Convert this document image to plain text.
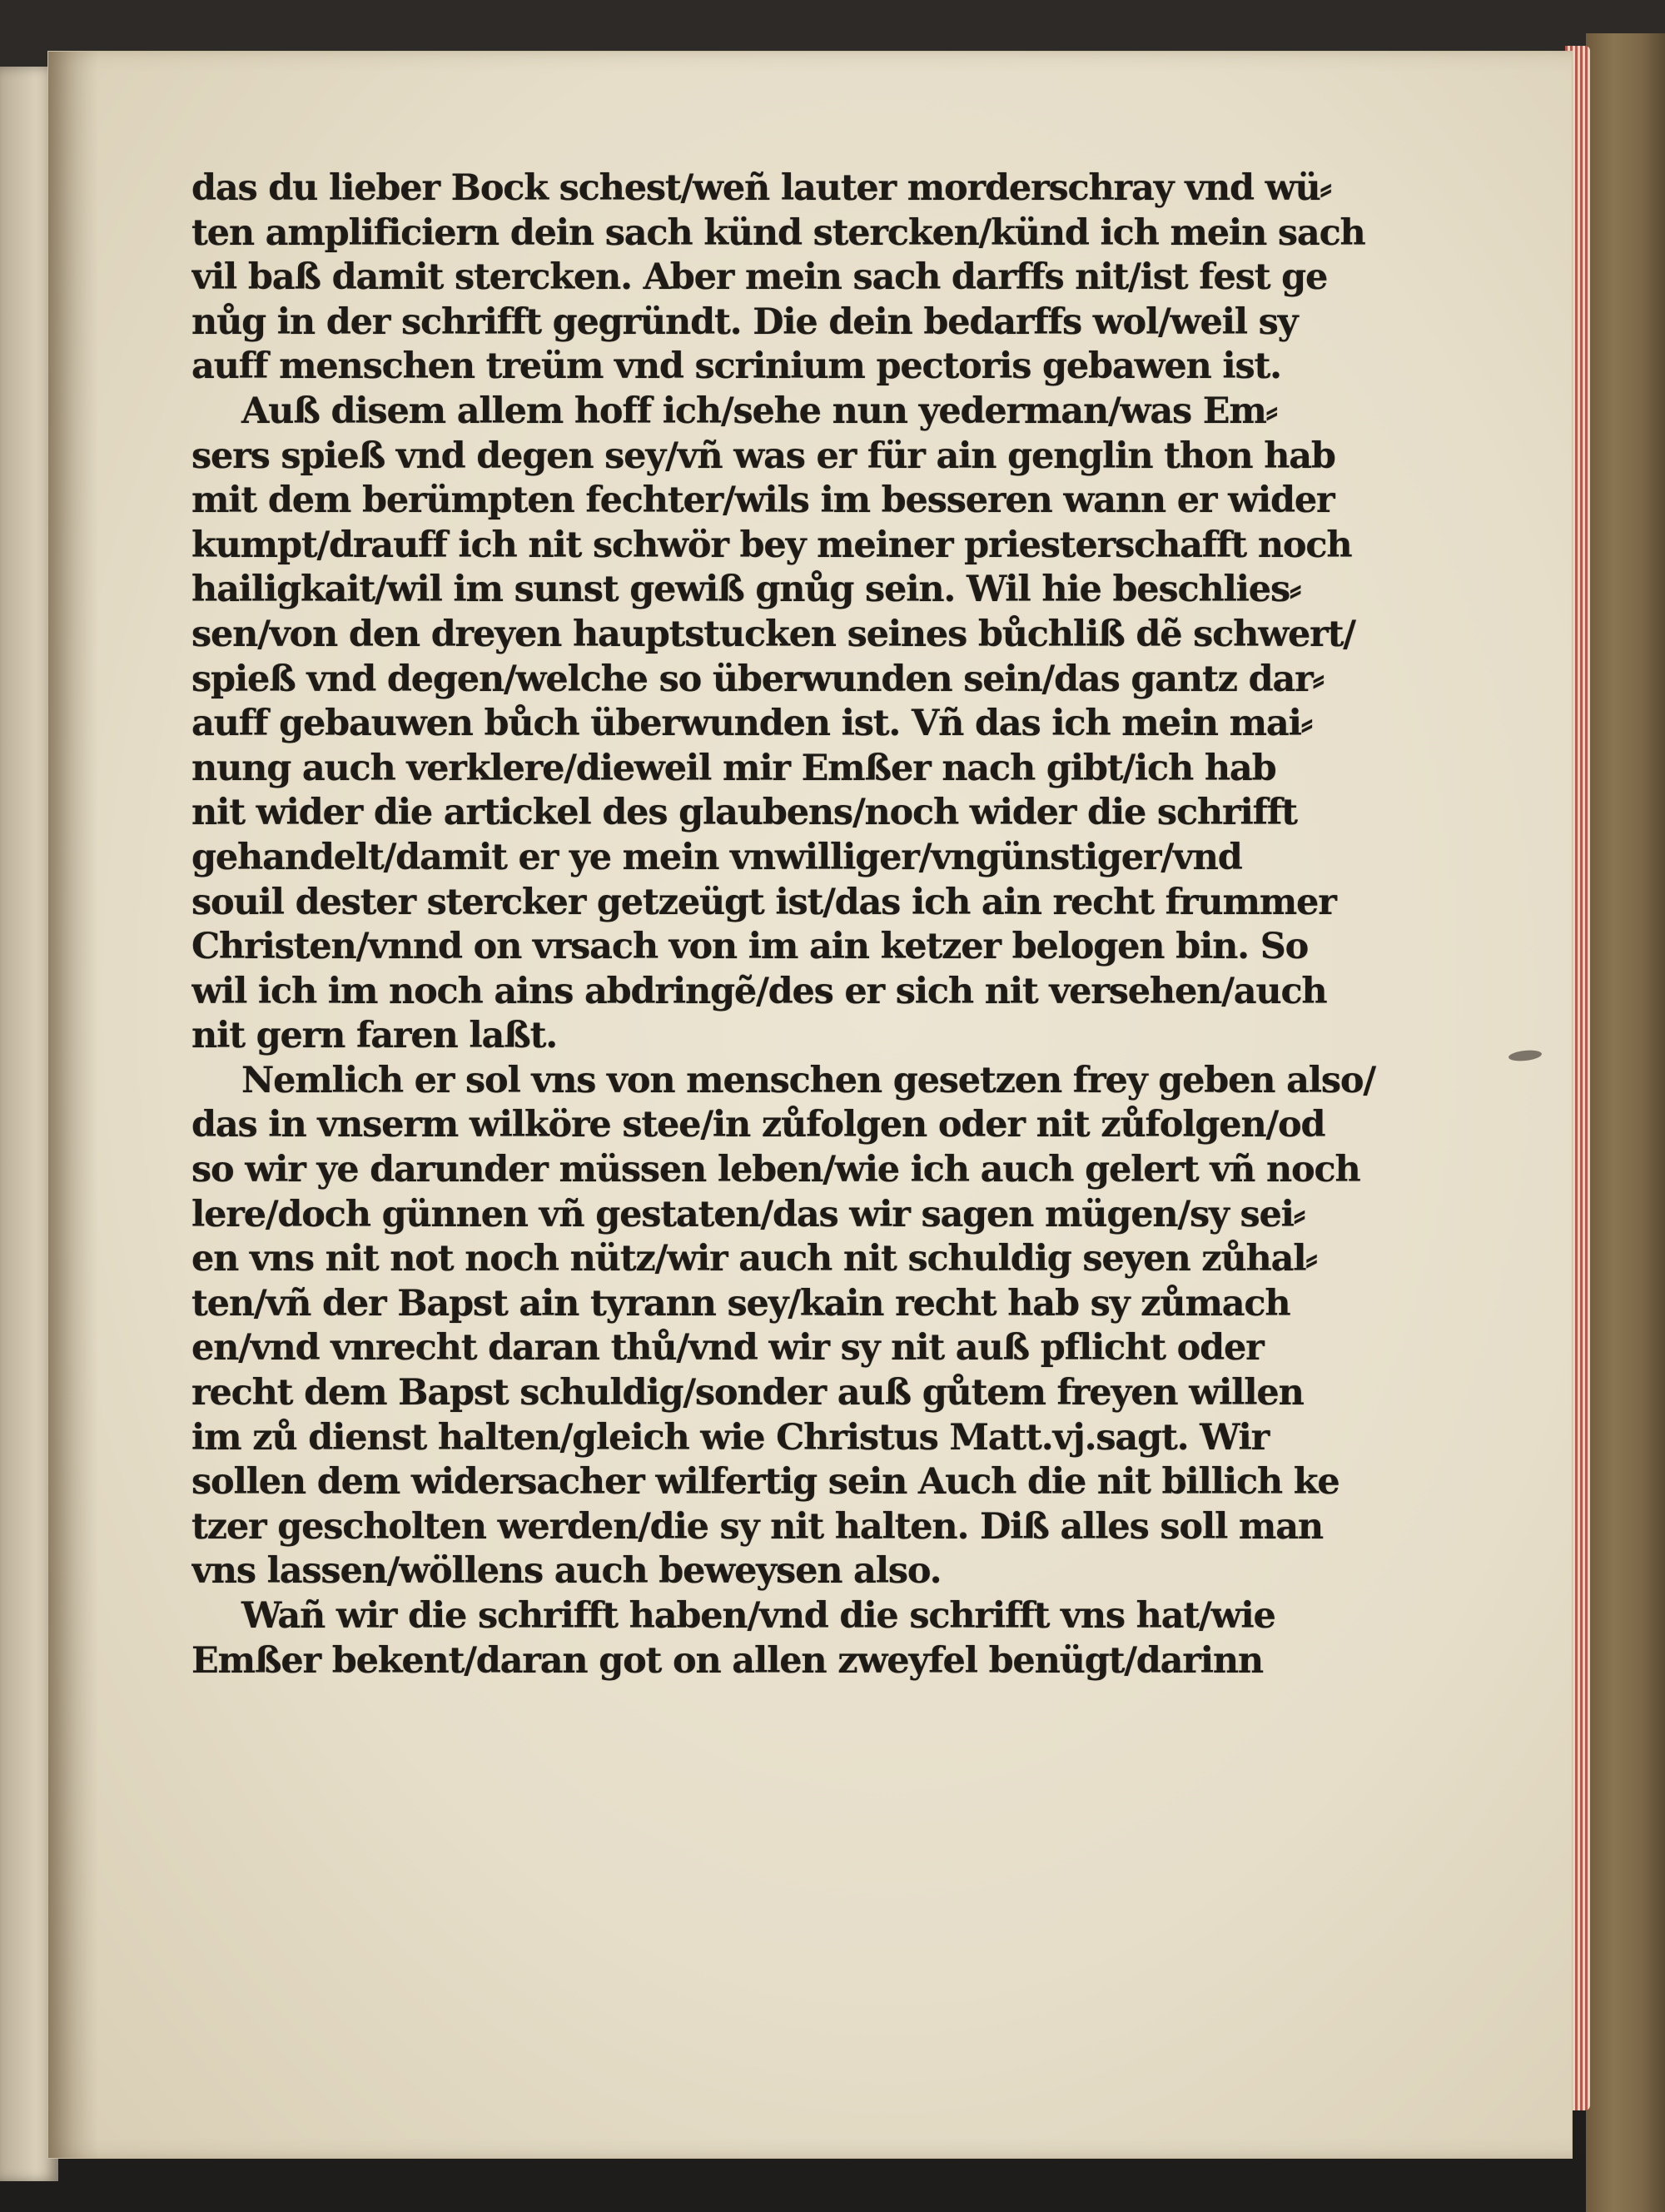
das du lieber Bock schest/weñ lauter morderschray vnd wü⸗
ten amplificiern dein sach künd stercken/künd ich mein sach
vil baß damit stercken. Aber mein sach darffs nit/ist fest ge
nůg in der schrifft gegründt. Die dein bedarffs wol/weil sy
auff menschen treüm vnd scrinium pectoris gebawen ist.
Auß disem allem hoff ich/sehe nun yederman/was Em⸗
sers spieß vnd degen sey/vñ was er für ain genglin thon hab
mit dem berümpten fechter/wils im besseren wann er wider
kumpt/drauff ich nit schwör bey meiner priesterschafft noch
hailigkait/wil im sunst gewiß gnůg sein. Wil hie beschlies⸗
sen/von den dreyen hauptstucken seines bůchliß dẽ schwert/
spieß vnd degen/welche so überwunden sein/das gantz dar⸗
auff gebauwen bůch überwunden ist. Vñ das ich mein mai⸗
nung auch verklere/dieweil mir Emßer nach gibt/ich hab
nit wider die artickel des glaubens/noch wider die schrifft
gehandelt/damit er ye mein vnwilliger/vngünstiger/vnd
souil dester stercker getzeügt ist/das ich ain recht frummer
Christen/vnnd on vrsach von im ain ketzer belogen bin. So
wil ich im noch ains abdringẽ/des er sich nit versehen/auch
nit gern faren laßt.
Nemlich er sol vns von menschen gesetzen frey geben also/
das in vnserm wilköre stee/in zůfolgen oder nit zůfolgen/od
so wir ye darunder müssen leben/wie ich auch gelert vñ noch
lere/doch günnen vñ gestaten/das wir sagen mügen/sy sei⸗
en vns nit not noch nütz/wir auch nit schuldig seyen zůhal⸗
ten/vñ der Bapst ain tyrann sey/kain recht hab sy zůmach
en/vnd vnrecht daran thů/vnd wir sy nit auß pflicht oder
recht dem Bapst schuldig/sonder auß gůtem freyen willen
im zů dienst halten/gleich wie Christus Matt.vj.sagt. Wir
sollen dem widersacher wilfertig sein Auch die nit billich ke
tzer gescholten werden/die sy nit halten. Diß alles soll man
vns lassen/wöllens auch beweysen also.
Wañ wir die schrifft haben/vnd die schrifft vns hat/wie
Emßer bekent/daran got on allen zweyfel benügt/darinn
